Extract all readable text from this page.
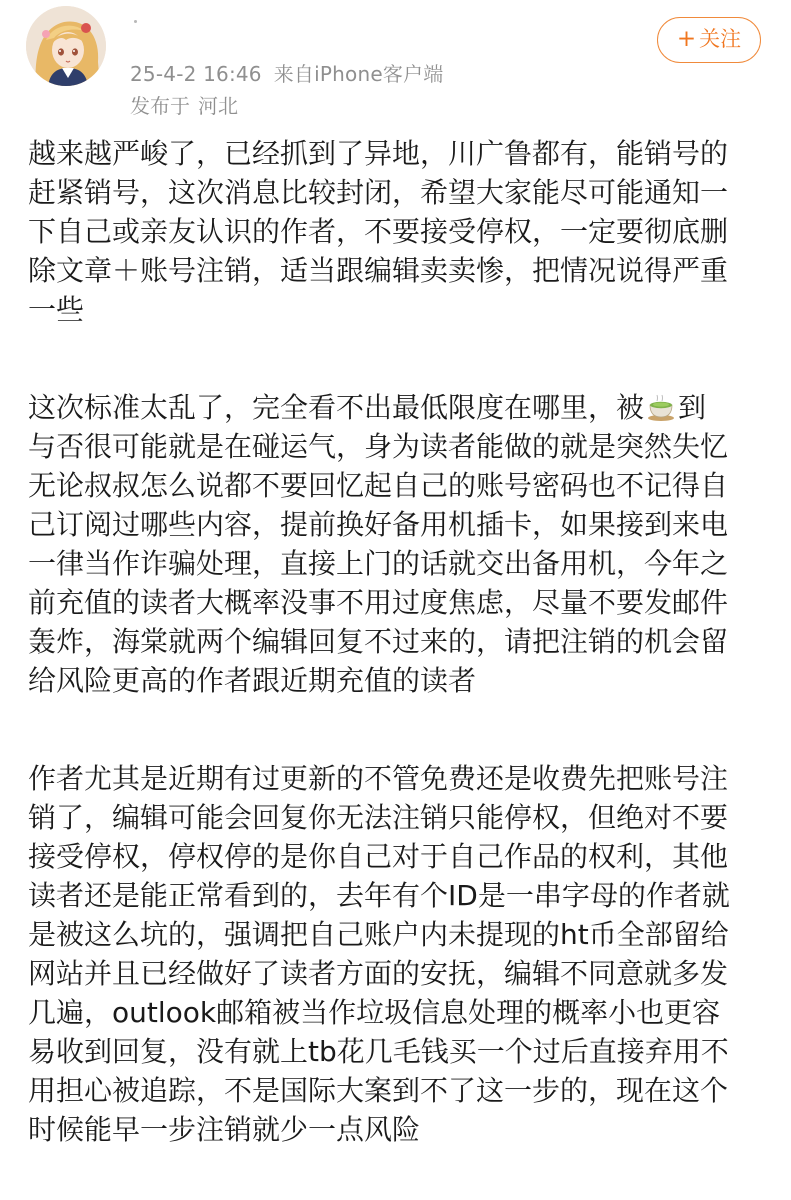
25-4-2 16:46 来自iPhone客户端
发布于 河北
+ 关注
越来越严峻了，已经抓到了异地，川广鲁都有，能销号的
赶紧销号，这次消息比较封闭，希望大家能尽可能通知一
下自己或亲友认识的作者，不要接受停权，一定要彻底删
除文章＋账号注销，适当跟编辑卖卖惨，把情况说得严重
一些
这次标准太乱了，完全看不出最低限度在哪里，被 到
与否很可能就是在碰运气，身为读者能做的就是突然失忆
无论叔叔怎么说都不要回忆起自己的账号密码也不记得自
己订阅过哪些内容，提前换好备用机插卡，如果接到来电
一律当作诈骗处理，直接上门的话就交出备用机，今年之
前充值的读者大概率没事不用过度焦虑，尽量不要发邮件
轰炸，海棠就两个编辑回复不过来的，请把注销的机会留
给风险更高的作者跟近期充值的读者
作者尤其是近期有过更新的不管免费还是收费先把账号注
销了，编辑可能会回复你无法注销只能停权，但绝对不要
接受停权，停权停的是你自己对于自己作品的权利，其他
读者还是能正常看到的，去年有个ID是一串字母的作者就
是被这么坑的，强调把自己账户内未提现的ht币全部留给
网站并且已经做好了读者方面的安抚，编辑不同意就多发
几遍，outlook邮箱被当作垃圾信息处理的概率小也更容
易收到回复，没有就上tb花几毛钱买一个过后直接弃用不
用担心被追踪，不是国际大案到不了这一步的，现在这个
时候能早一步注销就少一点风险
